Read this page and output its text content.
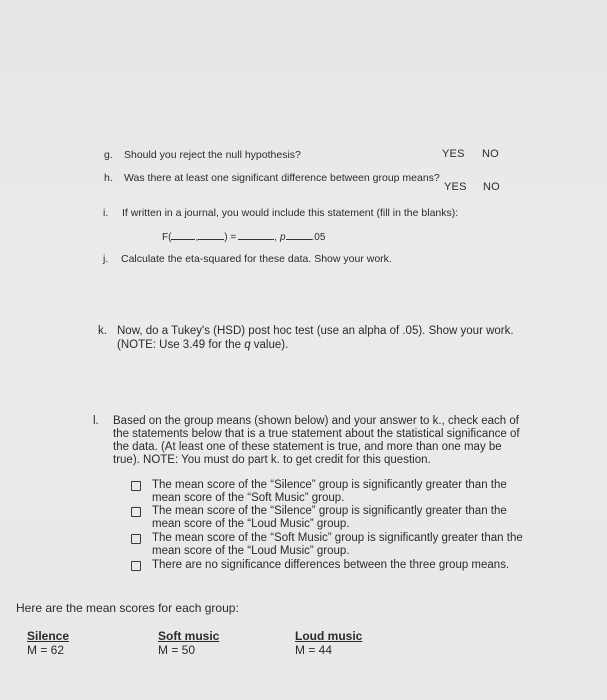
g. Should you reject the null hypothesis?	YES NO
h. Was there at least one significant difference between group means?
YES NO
i. If written in a journal, you would include this statement (fill in the blanks):
F( ,	) =	, p	.05
j. Calculate the eta-squared for these data. Show your work.
k. Now, do a Tukey's (HSD) post hoc test (use an alpha of .05). Show your work.
(NOTE: Use 3.49 for the q value).
l. Based on the group means (shown below) and your answer to k., check each of
the statements below that is a true statement about the statistical significance of
the data. (At least one of these statement is true, and more than one may be
true). NOTE: You must do part k. to get credit for this question.
The mean score of the “Silence” group is significantly greater than the
mean score of the “Soft Music” group.
The mean score of the “Silence” group is significantly greater than the
mean score of the “Loud Music” group.
The mean score of the “Soft Music” group is significantly greater than the
mean score of the “Loud Music” group.
There are no significance differences between the three group means.
Here are the mean scores for each group:
Silence
M = 62
Soft music
M = 50
Loud music
M = 44
